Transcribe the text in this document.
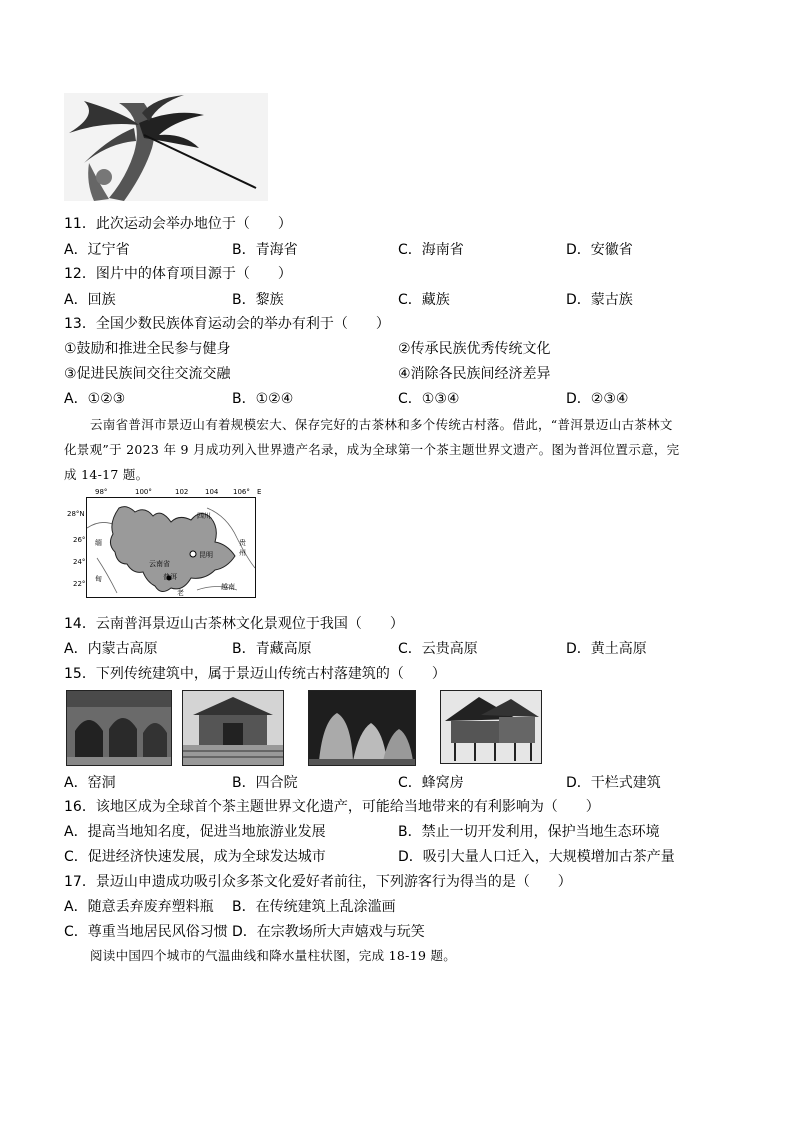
11．此次运动会举办地位于（　　）
A．辽宁省	B．青海省	C．海南省	D．安徽省
12．图片中的体育项目源于（　　）
A．回族	B．黎族	C．藏族	D．蒙古族
13．全国少数民族体育运动会的举办有利于（　　）
①鼓励和推进全民参与健身	②传承民族优秀传统文化
③促进民族间交往交流交融	④消除各民族间经济差异
A．①②③	B．①②④	C．①③④	D．②③④
云南省普洱市景迈山有着规模宏大、保存完好的古茶林和多个传统古村落。借此，“普洱景迈山古茶林文
化景观”于 2023 年 9 月成功列入世界遗产名录，成为全球第一个茶主题世界文遗产。图为普洱位置示意，完
成 14-17 题。
98°	100°	102 104 106° E
28°N
26°
24°
22°
四川
贵
州
昆明
云南省
普洱
越南
老
缅
甸
14．云南普洱景迈山古茶林文化景观位于我国（　　）
A．内蒙古高原	B．青藏高原	C．云贵高原	D．黄土高原
15．下列传统建筑中，属于景迈山传统古村落建筑的（　　）
A．窑洞	B．四合院	C．蜂窝房	D．干栏式建筑
16．该地区成为全球首个茶主题世界文化遗产，可能给当地带来的有利影响为（　　）
A．提高当地知名度，促进当地旅游业发展	B．禁止一切开发利用，保护当地生态环境
C．促进经济快速发展，成为全球发达城市	D．吸引大量人口迁入，大规模增加古茶产量
17．景迈山申遗成功吸引众多茶文化爱好者前往，下列游客行为得当的是（　　）
A．随意丢弃废弃塑料瓶 B．在传统建筑上乱涂滥画
C．尊重当地居民风俗习惯 D．在宗教场所大声嬉戏与玩笑
阅读中国四个城市的气温曲线和降水量柱状图，完成 18-19 题。
